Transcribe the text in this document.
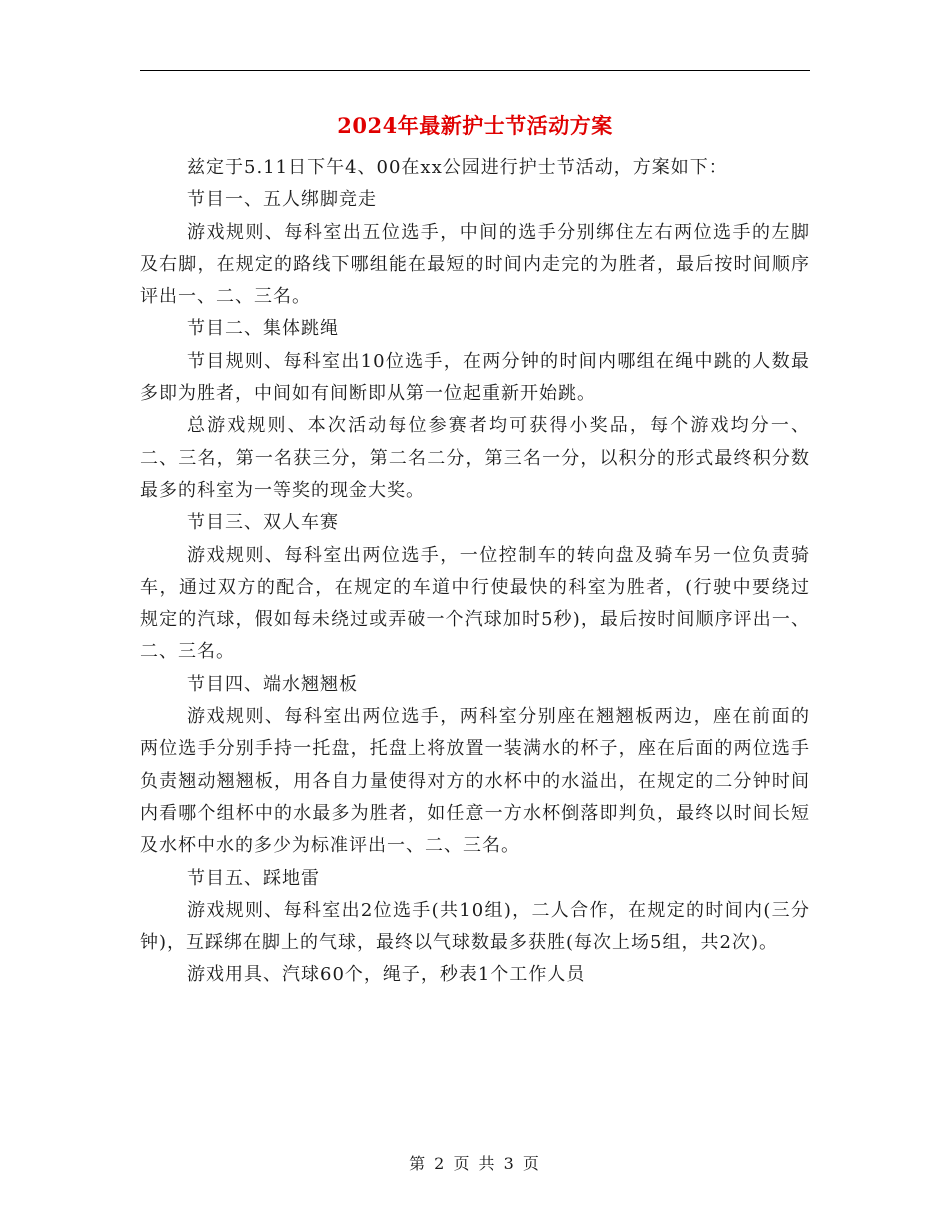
2024年最新护士节活动方案

兹定于5.11日下午4、00在xx公园进行护士节活动，方案如下：

节目一、五人绑脚竞走

游戏规则、每科室出五位选手，中间的选手分别绑住左右两位选手的左脚及右脚，在规定的路线下哪组能在最短的时间内走完的为胜者，最后按时间顺序评出一、二、三名。

节目二、集体跳绳

节目规则、每科室出10位选手，在两分钟的时间内哪组在绳中跳的人数最多即为胜者，中间如有间断即从第一位起重新开始跳。

总游戏规则、本次活动每位参赛者均可获得小奖品，每个游戏均分一、二、三名，第一名获三分，第二名二分，第三名一分，以积分的形式最终积分数最多的科室为一等奖的现金大奖。

节目三、双人车赛

游戏规则、每科室出两位选手，一位控制车的转向盘及骑车另一位负责骑车，通过双方的配合，在规定的车道中行使最快的科室为胜者，(行驶中要绕过规定的汽球，假如每未绕过或弄破一个汽球加时5秒)，最后按时间顺序评出一、二、三名。

节目四、端水翘翘板

游戏规则、每科室出两位选手，两科室分别座在翘翘板两边，座在前面的两位选手分别手持一托盘，托盘上将放置一装满水的杯子，座在后面的两位选手负责翘动翘翘板，用各自力量使得对方的水杯中的水溢出，在规定的二分钟时间内看哪个组杯中的水最多为胜者，如任意一方水杯倒落即判负，最终以时间长短及水杯中水的多少为标准评出一、二、三名。

节目五、踩地雷

游戏规则、每科室出2位选手(共10组)，二人合作，在规定的时间内(三分钟)，互踩绑在脚上的气球，最终以气球数最多获胜(每次上场5组，共2次)。

游戏用具、汽球60个，绳子，秒表1个工作人员

第 2 页 共 3 页
